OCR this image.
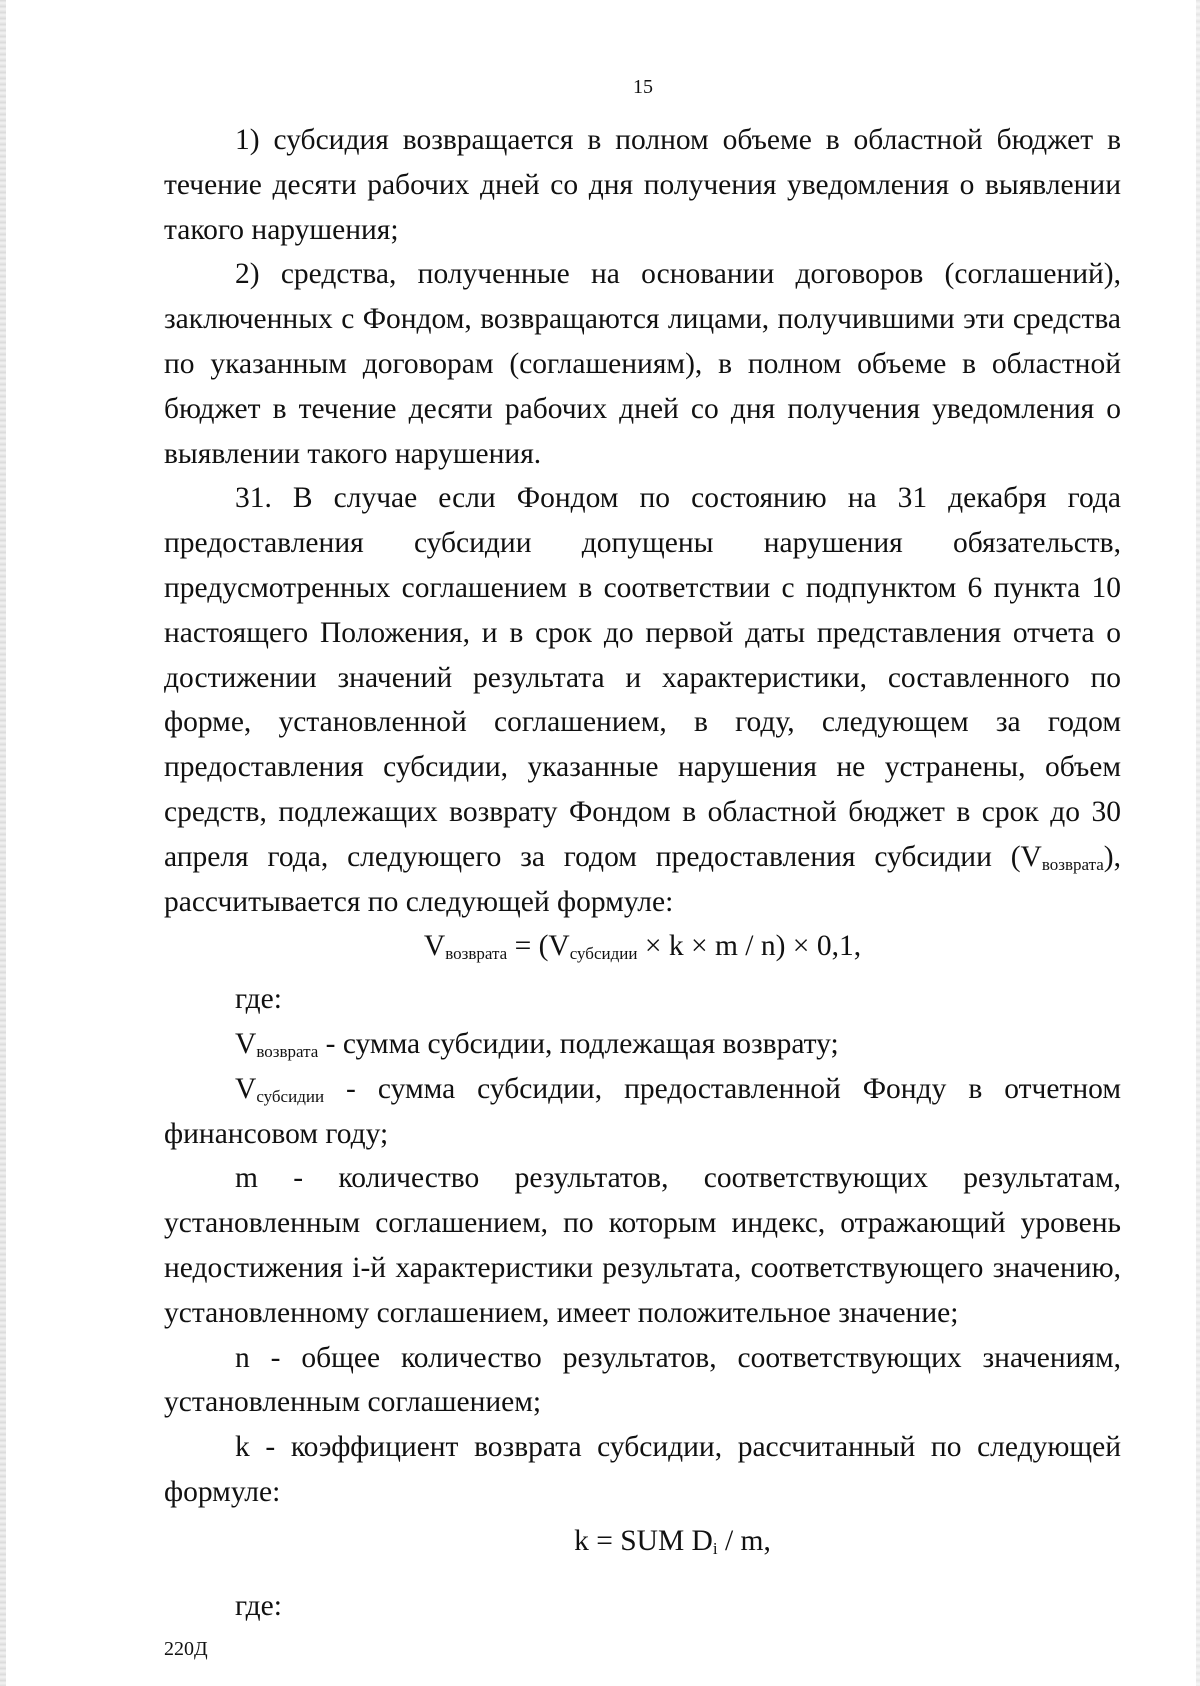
15

1) субсидия возвращается в полном объеме в областной бюджет в течение десяти рабочих дней со дня получения уведомления о выявлении такого нарушения;

2) средства, полученные на основании договоров (соглашений), заключенных с Фондом, возвращаются лицами, получившими эти средства по указанным договорам (соглашениям), в полном объеме в областной бюджет в течение десяти рабочих дней со дня получения уведомления о выявлении такого нарушения.

31. В случае если Фондом по состоянию на 31 декабря года предоставления субсидии допущены нарушения обязательств, предусмотренных соглашением в соответствии с подпунктом 6 пункта 10 настоящего Положения, и в срок до первой даты представления отчета о достижении значений результата и характеристики, составленного по форме, установленной соглашением, в году, следующем за годом предоставления субсидии, указанные нарушения не устранены, объем средств, подлежащих возврату Фондом в областной бюджет в срок до 30 апреля года, следующего за годом предоставления субсидии $(V_{возврата})$, рассчитывается по следующей формуле:

$V_{возврата} = (V_{субсидии} \times k \times m / n) \times 0,1$,

где:

$V_{возврата}$ - сумма субсидии, подлежащая возврату;

$V_{субсидии}$ - сумма субсидии, предоставленной Фонду в отчетном финансовом году;

m - количество результатов, соответствующих результатам, установленным соглашением, по которым индекс, отражающий уровень недостижения i-й характеристики результата, соответствующего значению, установленному соглашением, имеет положительное значение;

n - общее количество результатов, соответствующих значениям, установленным соглашением;

k - коэффициент возврата субсидии, рассчитанный по следующей формуле:

k = SUM $D_i$ / m,

где:

220Д
